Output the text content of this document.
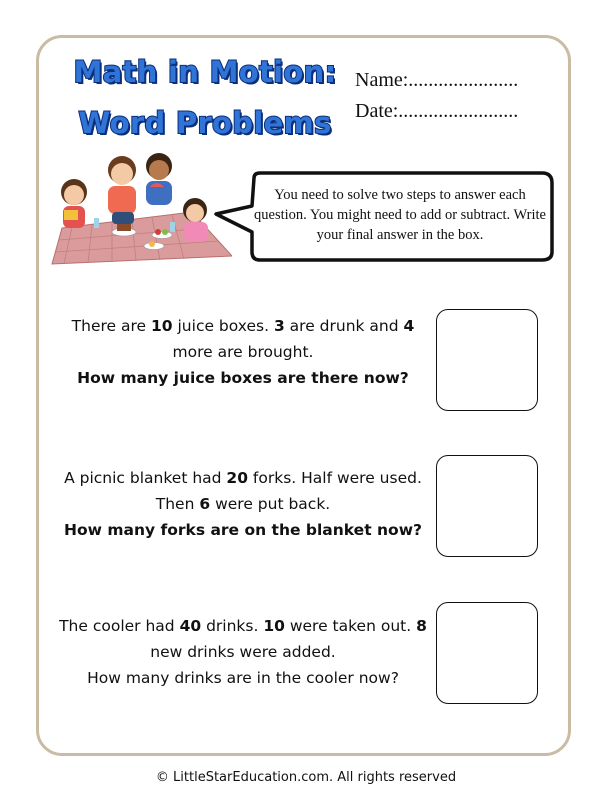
Math in Motion:
Word Problems
Name:......................
Date:........................
You need to solve two steps to answer each question. You might need to add or subtract. Write your final answer in the box.
There are 10 juice boxes. 3 are drunk and 4 more are brought.
How many juice boxes are there now?
A picnic blanket had 20 forks. Half were used. Then 6 were put back.
How many forks are on the blanket now?
The cooler had 40 drinks. 10 were taken out. 8 new drinks were added.
How many drinks are in the cooler now?
© LittleStarEducation.com. All rights reserved
